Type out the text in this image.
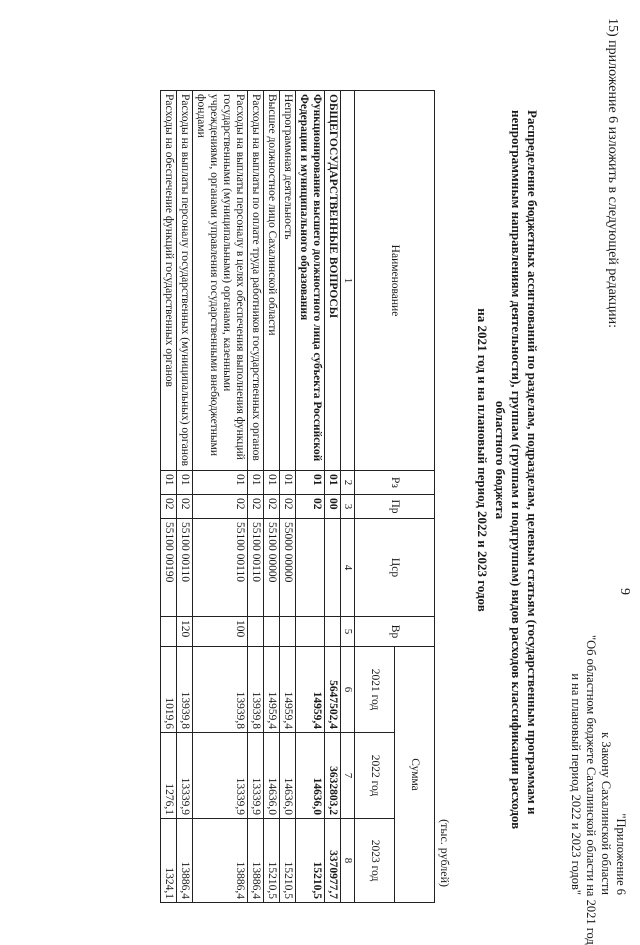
9
"Приложение 6
к Закону Сахалинской области
"Об областном бюджете Сахалинской области на 2021 год
и на плановый период 2022 и 2023 годов"
15) приложение 6 изложить в следующей редакции:
Распределение бюджетных ассигнований по разделам, подразделам, целевым статьям (государственным программам и
непрограммным направлениям деятельности), группам (группам и подгруппам) видов расходов классификации расходов
областного бюджета
на 2021 год и на плановый период 2022 и 2023 годов
(тыс. рублей)
Наименование	Рз	Пр	Цср	Вр	Сумма		
					2021 год	2022 год	2023 год
1	2	3	4	5	6	7	8
ОБЩЕГОСУДАРСТВЕННЫЕ ВОПРОСЫ	01	00			5647502,4	3632803,2	3370977,7
Функционирование высшего должностного лица субъекта Российской Федерации и муниципального образования	01	02			14959,4	14636,0	15210,5
Непрограммная деятельность	01	02	55000 00000		14959,4	14636,0	15210,5
Высшее должностное лицо Сахалинской области	01	02	55100 00000		14959,4	14636,0	15210,5
Расходы на выплаты по оплате труда работников государственных органов	01	02	55100 00110		13939,8	13339,9	13886,4
Расходы на выплаты персоналу в целях обеспечения выполнения функций государственными (муниципальными) органами, казенными учреждениями, органами управления государственными внебюджетными фондами	01	02	55100 00110	100	13939,8	13339,9	13886,4
Расходы на выплаты персоналу государственных (муниципальных) органов	01	02	55100 00110	120	13939,8	13339,9	13886,4
Расходы на обеспечение функций государственных органов	01	02	55100 00190		1019,6	1276,1	1324,1
